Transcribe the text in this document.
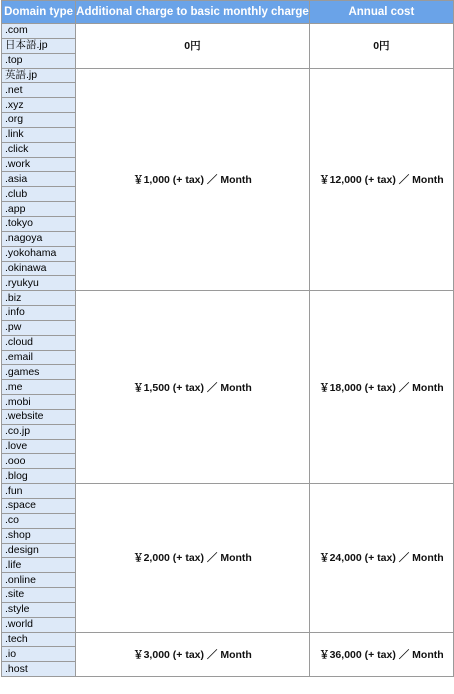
Domain type	Additional charge to basic monthly charge	Annual cost
.com	0円	0円
日本語.jp		
.top		
英語.jp	￥1,000 (+ tax) ／ Month	￥12,000 (+ tax) ／ Month
.net		
.xyz		
.org		
.link		
.click		
.work		
.asia		
.club		
.app		
.tokyo		
.nagoya		
.yokohama		
.okinawa		
.ryukyu		
.biz	￥1,500 (+ tax) ／ Month	￥18,000 (+ tax) ／ Month
.info		
.pw		
.cloud		
.email		
.games		
.me		
.mobi		
.website		
.co.jp		
.love		
.ooo		
.blog		
.fun	￥2,000 (+ tax) ／ Month	￥24,000 (+ tax) ／ Month
.space		
.co		
.shop		
.design		
.life		
.online		
.site		
.style		
.world		
.tech	￥3,000 (+ tax) ／ Month	￥36,000 (+ tax) ／ Month
.io		
.host		
